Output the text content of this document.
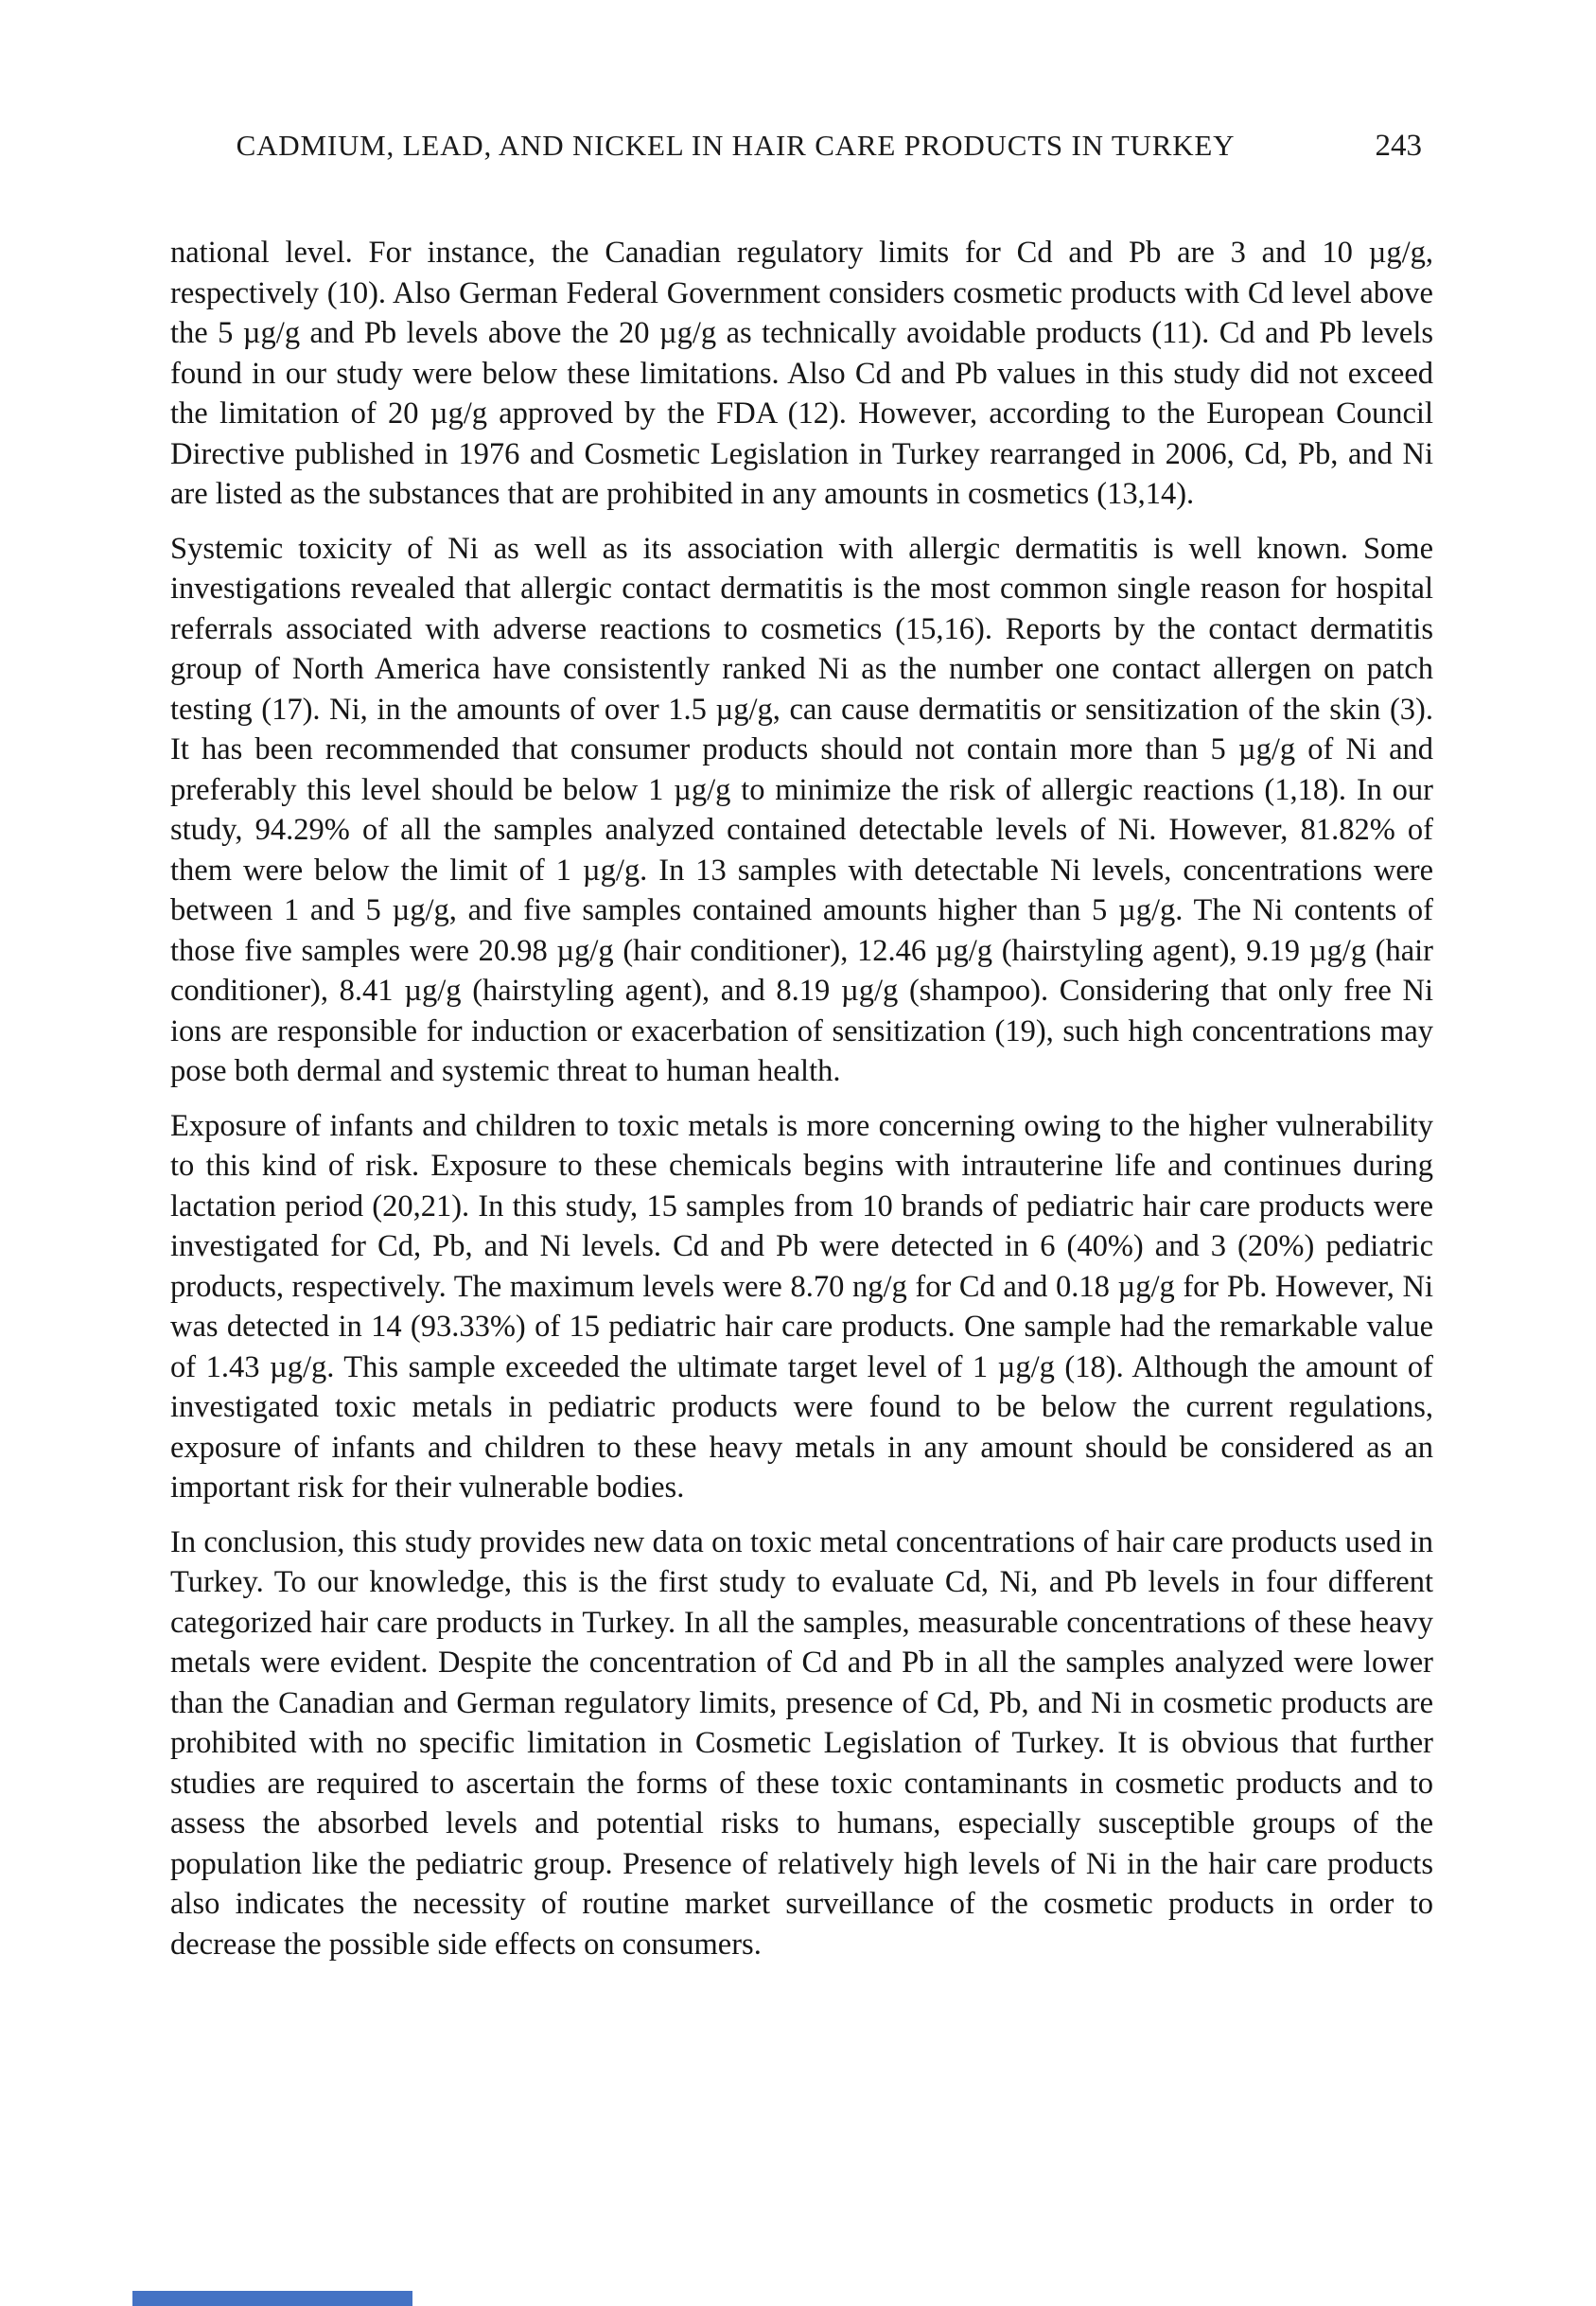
CADMIUM, LEAD, AND NICKEL IN HAIR CARE PRODUCTS IN TURKEY	243

national level. For instance, the Canadian regulatory limits for Cd and Pb are 3 and 10 µg/g, respectively (10). Also German Federal Government considers cosmetic products with Cd level above the 5 µg/g and Pb levels above the 20 µg/g as technically avoidable products (11). Cd and Pb levels found in our study were below these limitations. Also Cd and Pb values in this study did not exceed the limitation of 20 µg/g approved by the FDA (12). However, according to the European Council Directive published in 1976 and Cosmetic Legislation in Turkey rearranged in 2006, Cd, Pb, and Ni are listed as the substances that are prohibited in any amounts in cosmetics (13,14).

Systemic toxicity of Ni as well as its association with allergic dermatitis is well known. Some investigations revealed that allergic contact dermatitis is the most common single reason for hospital referrals associated with adverse reactions to cosmetics (15,16). Reports by the contact dermatitis group of North America have consistently ranked Ni as the number one contact allergen on patch testing (17). Ni, in the amounts of over 1.5 µg/g, can cause dermatitis or sensitization of the skin (3). It has been recommended that consumer products should not contain more than 5 µg/g of Ni and preferably this level should be below 1 µg/g to minimize the risk of allergic reactions (1,18). In our study, 94.29% of all the samples analyzed contained detectable levels of Ni. However, 81.82% of them were below the limit of 1 µg/g. In 13 samples with detectable Ni levels, concentrations were between 1 and 5 µg/g, and five samples contained amounts higher than 5 µg/g. The Ni contents of those five samples were 20.98 µg/g (hair conditioner), 12.46 µg/g (hairstyling agent), 9.19 µg/g (hair conditioner), 8.41 µg/g (hairstyling agent), and 8.19 µg/g (shampoo). Considering that only free Ni ions are responsible for induction or exacerbation of sensitization (19), such high concentrations may pose both dermal and systemic threat to human health.

Exposure of infants and children to toxic metals is more concerning owing to the higher vulnerability to this kind of risk. Exposure to these chemicals begins with intrauterine life and continues during lactation period (20,21). In this study, 15 samples from 10 brands of pediatric hair care products were investigated for Cd, Pb, and Ni levels. Cd and Pb were detected in 6 (40%) and 3 (20%) pediatric products, respectively. The maximum levels were 8.70 ng/g for Cd and 0.18 µg/g for Pb. However, Ni was detected in 14 (93.33%) of 15 pediatric hair care products. One sample had the remarkable value of 1.43 µg/g. This sample exceeded the ultimate target level of 1 µg/g (18). Although the amount of investigated toxic metals in pediatric products were found to be below the current regulations, exposure of infants and children to these heavy metals in any amount should be considered as an important risk for their vulnerable bodies.

In conclusion, this study provides new data on toxic metal concentrations of hair care products used in Turkey. To our knowledge, this is the first study to evaluate Cd, Ni, and Pb levels in four different categorized hair care products in Turkey. In all the samples, measurable concentrations of these heavy metals were evident. Despite the concentration of Cd and Pb in all the samples analyzed were lower than the Canadian and German regulatory limits, presence of Cd, Pb, and Ni in cosmetic products are prohibited with no specific limitation in Cosmetic Legislation of Turkey. It is obvious that further studies are required to ascertain the forms of these toxic contaminants in cosmetic products and to assess the absorbed levels and potential risks to humans, especially susceptible groups of the population like the pediatric group. Presence of relatively high levels of Ni in the hair care products also indicates the necessity of routine market surveillance of the cosmetic products in order to decrease the possible side effects on consumers.
